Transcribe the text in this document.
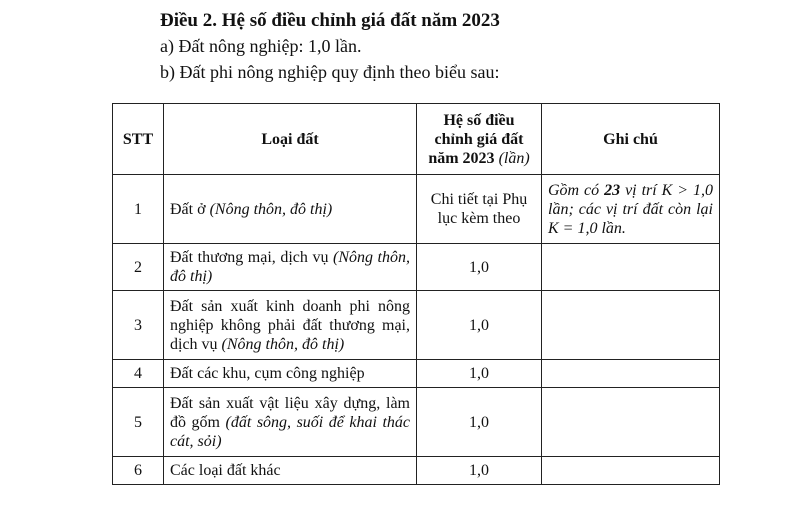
Điều 2. Hệ số điều chỉnh giá đất năm 2023
a) Đất nông nghiệp: 1,0 lần.
b) Đất phi nông nghiệp quy định theo biểu sau:
STT	Loại đất	Hệ số điều chỉnh giá đất năm 2023 (lần)	Ghi chú
1	Đất ở (Nông thôn, đô thị)	Chi tiết tại Phụ lục kèm theo	Gồm có 23 vị trí K > 1,0 lần; các vị trí đất còn lại K = 1,0 lần.

2	Đất thương mại, dịch vụ (Nông thôn, đô thị)	1,0	
3	Đất sản xuất kinh doanh phi nông nghiệp không phải đất thương mại, dịch vụ (Nông thôn, đô thị)	1,0	
4	Đất các khu, cụm công nghiệp	1,0	
5	Đất sản xuất vật liệu xây dựng, làm đồ gốm (đất sông, suối để khai thác cát, sỏi)	1,0	
6	Các loại đất khác	1,0	
